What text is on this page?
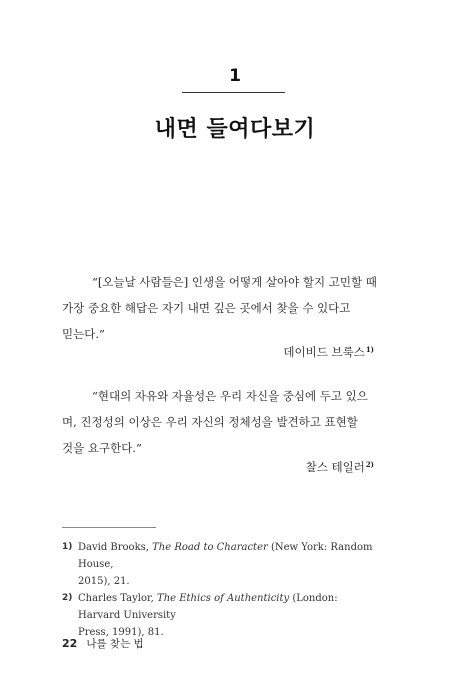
1
내면 들여다보기
“[오늘날 사람들은] 인생을 어떻게 살아야 할지 고민할 때
가장 중요한 해답은 자기 내면 깊은 곳에서 찾을 수 있다고
믿는다.”
데이비드 브룩스$^{1)}$
“현대의 자유와 자율성은 우리 자신을 중심에 두고 있으
며, 진정성의 이상은 우리 자신의 정체성을 발견하고 표현할
것을 요구한다.”
찰스 테일러$^{2)}$
1) David Brooks, The Road to Character (New York: Random House,
2015), 21.
2) Charles Taylor, The Ethics of Authenticity (London: Harvard University
Press, 1991), 81.
22 나를 찾는 법
